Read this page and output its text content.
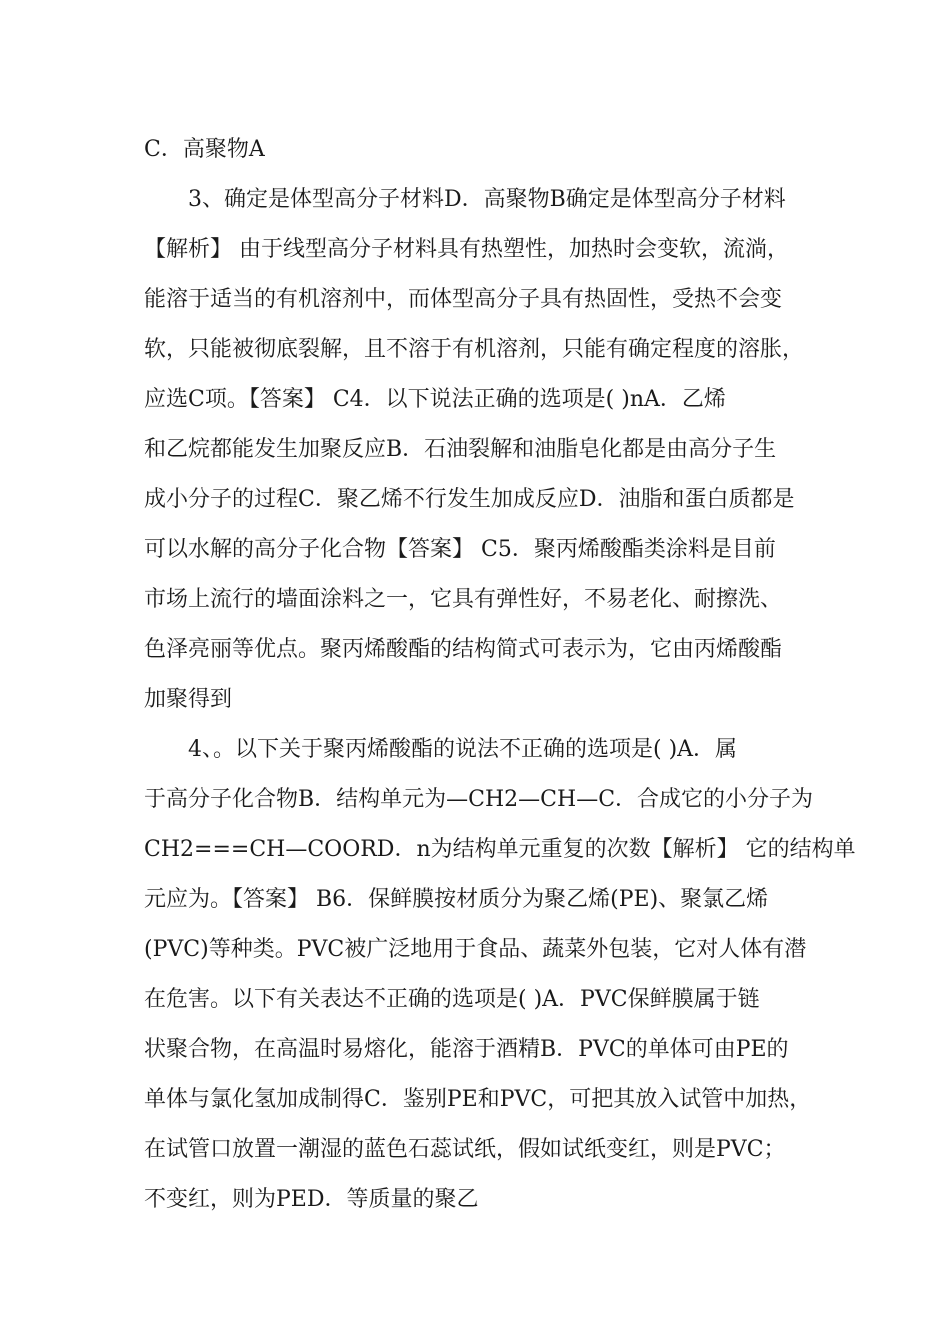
C．高聚物A
3、确定是体型高分子材料D．高聚物B确定是体型高分子材料
【解析】 由于线型高分子材料具有热塑性，加热时会变软，流淌，
能溶于适当的有机溶剂中，而体型高分子具有热固性，受热不会变
软，只能被彻底裂解，且不溶于有机溶剂，只能有确定程度的溶胀，
应选C项。【答案】 C4．以下说法正确的选项是( )nA．乙烯
和乙烷都能发生加聚反应B．石油裂解和油脂皂化都是由高分子生
成小分子的过程C．聚乙烯不行发生加成反应D．油脂和蛋白质都是
可以水解的高分子化合物【答案】 C5．聚丙烯酸酯类涂料是目前
市场上流行的墙面涂料之一，它具有弹性好，不易老化、耐擦洗、
色泽亮丽等优点。聚丙烯酸酯的结构简式可表示为，它由丙烯酸酯
加聚得到
4、。以下关于聚丙烯酸酯的说法不正确的选项是( )A．属
于高分子化合物B．结构单元为—CH2—CH—C．合成它的小分子为
CH2===CH—COORD．n为结构单元重复的次数【解析】 它的结构单
元应为。【答案】 B6．保鲜膜按材质分为聚乙烯(PE)、聚氯乙烯
(PVC)等种类。PVC被广泛地用于食品、蔬菜外包装，它对人体有潜
在危害。以下有关表达不正确的选项是( )A．PVC保鲜膜属于链
状聚合物，在高温时易熔化，能溶于酒精B．PVC的单体可由PE的
单体与氯化氢加成制得C．鉴别PE和PVC，可把其放入试管中加热，
在试管口放置一潮湿的蓝色石蕊试纸，假如试纸变红，则是PVC；
不变红，则为PED．等质量的聚乙
